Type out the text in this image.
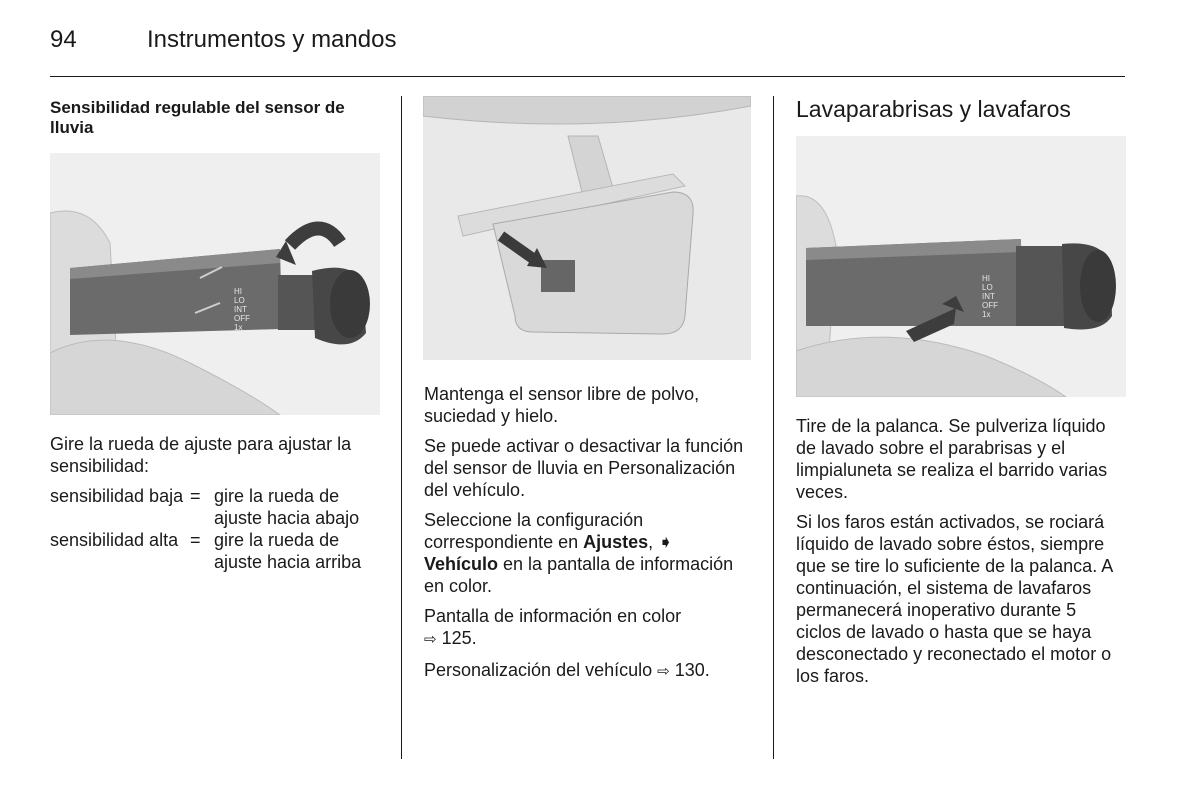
94	Instrumentos y mandos
Sensibilidad regulable del sensor de lluvia
HI
LO
INT
OFF
1x

Gire la rueda de ajuste para ajustar la sensibilidad:

sensibilidad baja	=	gire la rueda de ajuste hacia abajo
sensibilidad alta	=	gire la rueda de ajuste hacia arriba

Mantenga el sensor libre de polvo, suciedad y hielo.

Se puede activar o desactivar la función del sensor de lluvia en Personalización del vehículo.

Seleccione la configuración correspondiente en Ajustes, ➧ Vehículo en la pantalla de información en color.

Pantalla de información en color
⇨ 125.

Personalización del vehículo ⇨ 130.

Lavaparabrisas y lavafaros
HI
LO
INT
OFF
1x

Tire de la palanca. Se pulveriza líquido de lavado sobre el parabrisas y el limpialuneta se realiza el barrido varias veces.

Si los faros están activados, se rociará líquido de lavado sobre éstos, siempre que se tire lo suficiente de la palanca. A continuación, el sistema de lavafaros permanecerá inoperativo durante 5 ciclos de lavado o hasta que se haya desconectado y reconectado el motor o los faros.
